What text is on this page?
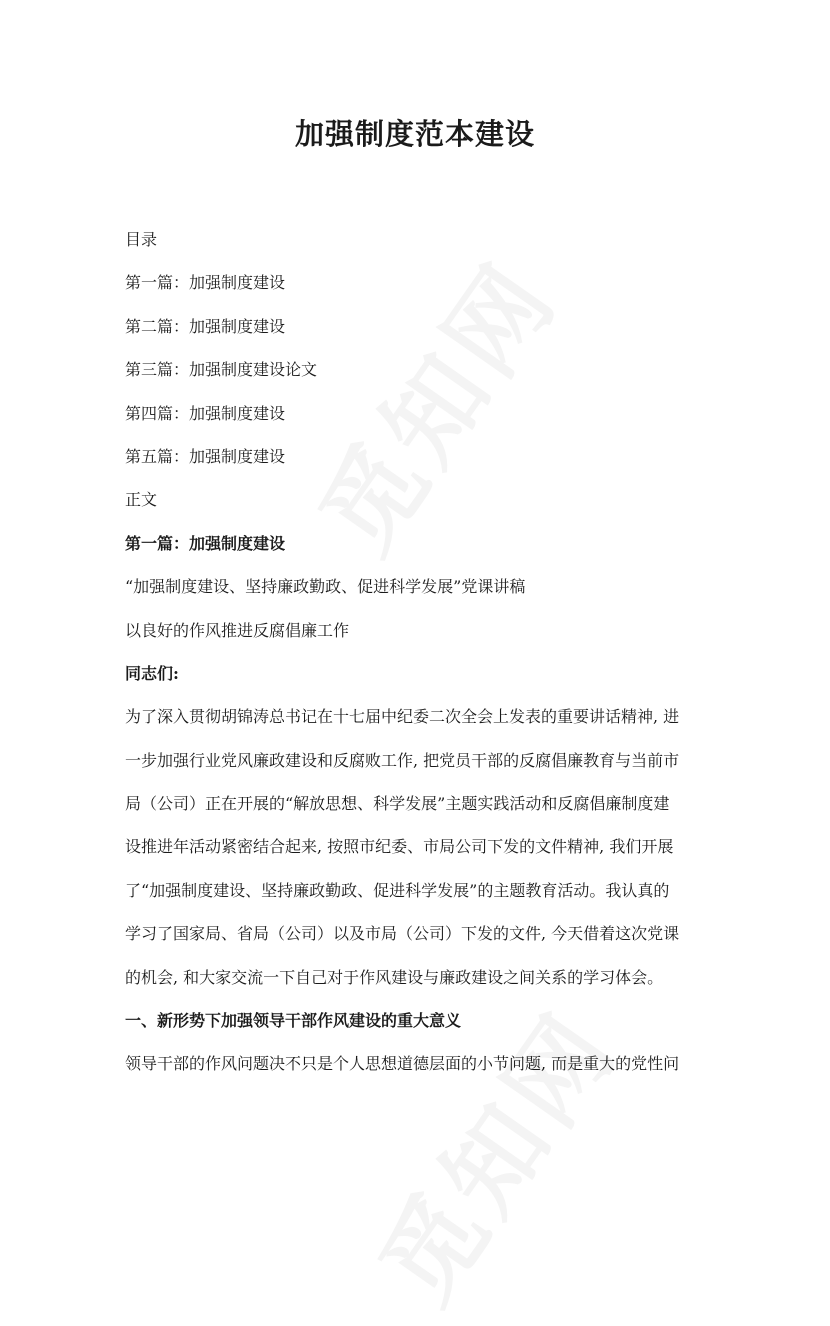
加强制度范本建设

目录

第一篇：加强制度建设

第二篇：加强制度建设

第三篇：加强制度建设论文

第四篇：加强制度建设

第五篇：加强制度建设

正文

第一篇：加强制度建设

“加强制度建设、坚持廉政勤政、促进科学发展”党课讲稿

以良好的作风推进反腐倡廉工作

同志们:

为了深入贯彻胡锦涛总书记在十七届中纪委二次全会上发表的重要讲话精神, 进

一步加强行业党风廉政建设和反腐败工作, 把党员干部的反腐倡廉教育与当前市

局（公司）正在开展的“解放思想、科学发展”主题实践活动和反腐倡廉制度建

设推进年活动紧密结合起来, 按照市纪委、市局公司下发的文件精神, 我们开展

了“加强制度建设、坚持廉政勤政、促进科学发展”的主题教育活动。我认真的

学习了国家局、省局（公司）以及市局（公司）下发的文件, 今天借着这次党课

的机会, 和大家交流一下自己对于作风建设与廉政建设之间关系的学习体会。

一、新形势下加强领导干部作风建设的重大意义

领导干部的作风问题决不只是个人思想道德层面的小节问题, 而是重大的党性问
